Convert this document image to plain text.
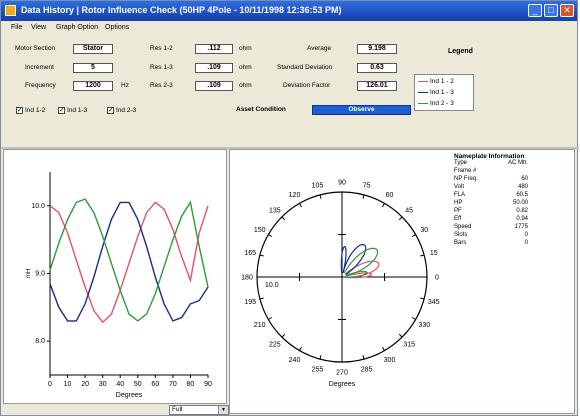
Data History | Rotor Influence Check (50HP 4Pole - 10/11/1998 12:36:53 PM)	_	□	✕
File View Graph Option Options
Motor Section	Stator
Increment	5
Frequency	1200	Hz
Res 1-2	.112	ohm
Res 1-3	.109	ohm
Res 2-3	.109	ohm
Average	9.198
Standard Deviation	0.63
Deviation Factor	126.01
✓ Ind 1-2 ✓ Ind 1-3	✓ Ind 2-3	Asset Condition	Observe
Legend
Ind 1 - 2
Ind 1 - 3
Ind 2 - 3
0 10 20 30 40 50 60 70 80 90
8.0
9.0
10.0
Degrees
mH	0
15
30
45
60
75
90
105
120
135
150
165
180
195
210
225
240
255 270 285
300
315
330
345
10.0
Degrees
Nameplate Information
Type	AC Mtr.
Frame #
NP Freq.	60
Volt	480
FLA	60.5
HP	50.00
PF	0.82
Eff	0.94
Speed	1775
Slots	0
Bars	0
Full	▼
